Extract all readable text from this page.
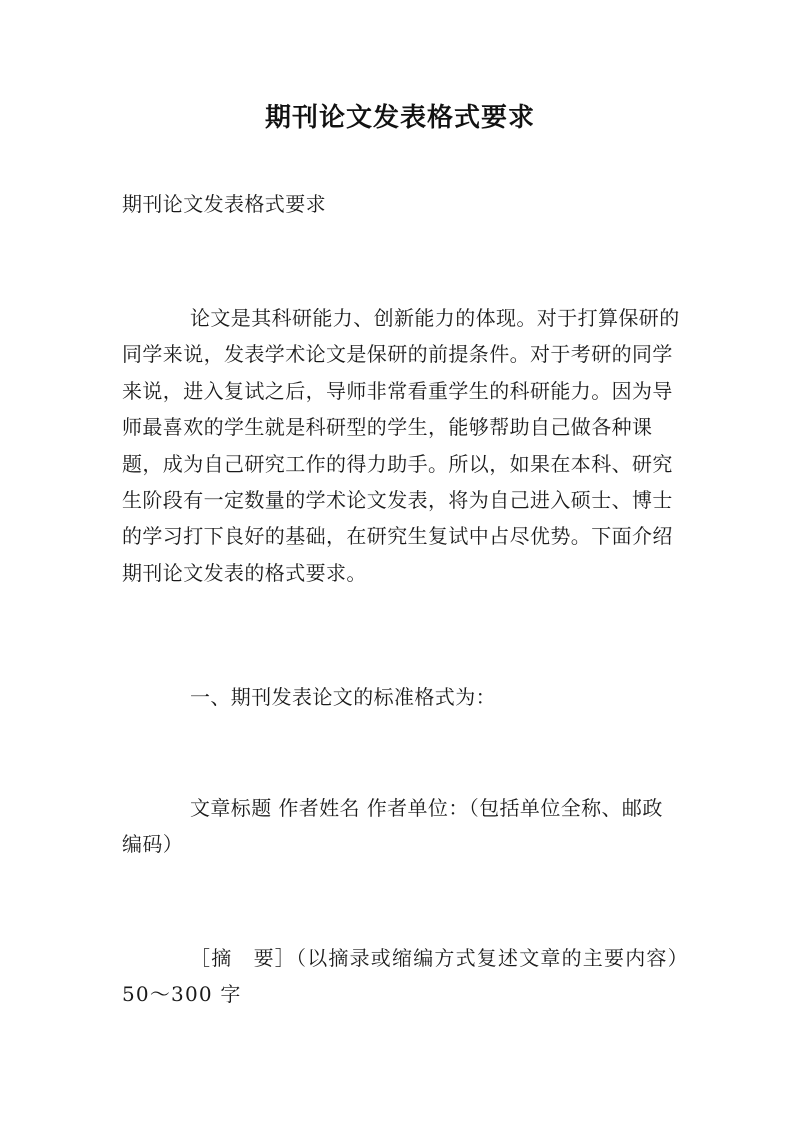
期刊论文发表格式要求
期刊论文发表格式要求
论文是其科研能力、创新能力的体现。对于打算保研的同学来说，发表学术论文是保研的前提条件。对于考研的同学来说，进入复试之后，导师非常看重学生的科研能力。因为导师最喜欢的学生就是科研型的学生，能够帮助自己做各种课题，成为自己研究工作的得力助手。所以，如果在本科、研究生阶段有一定数量的学术论文发表，将为自己进入硕士、博士的学习打下良好的基础，在研究生复试中占尽优势。下面介绍期刊论文发表的格式要求。
一、期刊发表论文的标准格式为：
文章标题 作者姓名 作者单位：（包括单位全称、邮政编码）
［摘　要］（以摘录或缩编方式复述文章的主要内容）50～300 字
